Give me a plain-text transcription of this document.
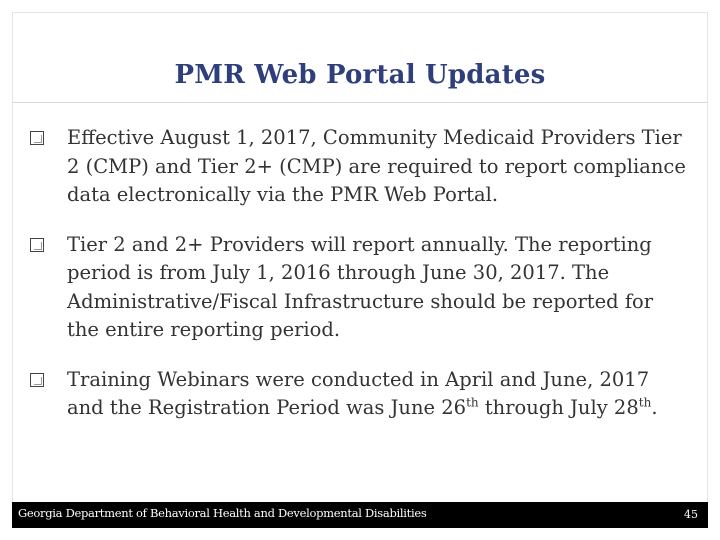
PMR Web Portal Updates
Effective August 1, 2017, Community Medicaid Providers Tier 2 (CMP) and Tier 2+ (CMP) are required to report compliance data electronically via the PMR Web Portal.
Tier 2 and 2+ Providers will report annually. The reporting period is from July 1, 2016 through June 30, 2017. The Administrative/Fiscal Infrastructure should be reported for the entire reporting period.
Training Webinars were conducted in April and June, 2017 and the Registration Period was June 26th through July 28th.
Georgia Department of Behavioral Health and Developmental Disabilities	45
